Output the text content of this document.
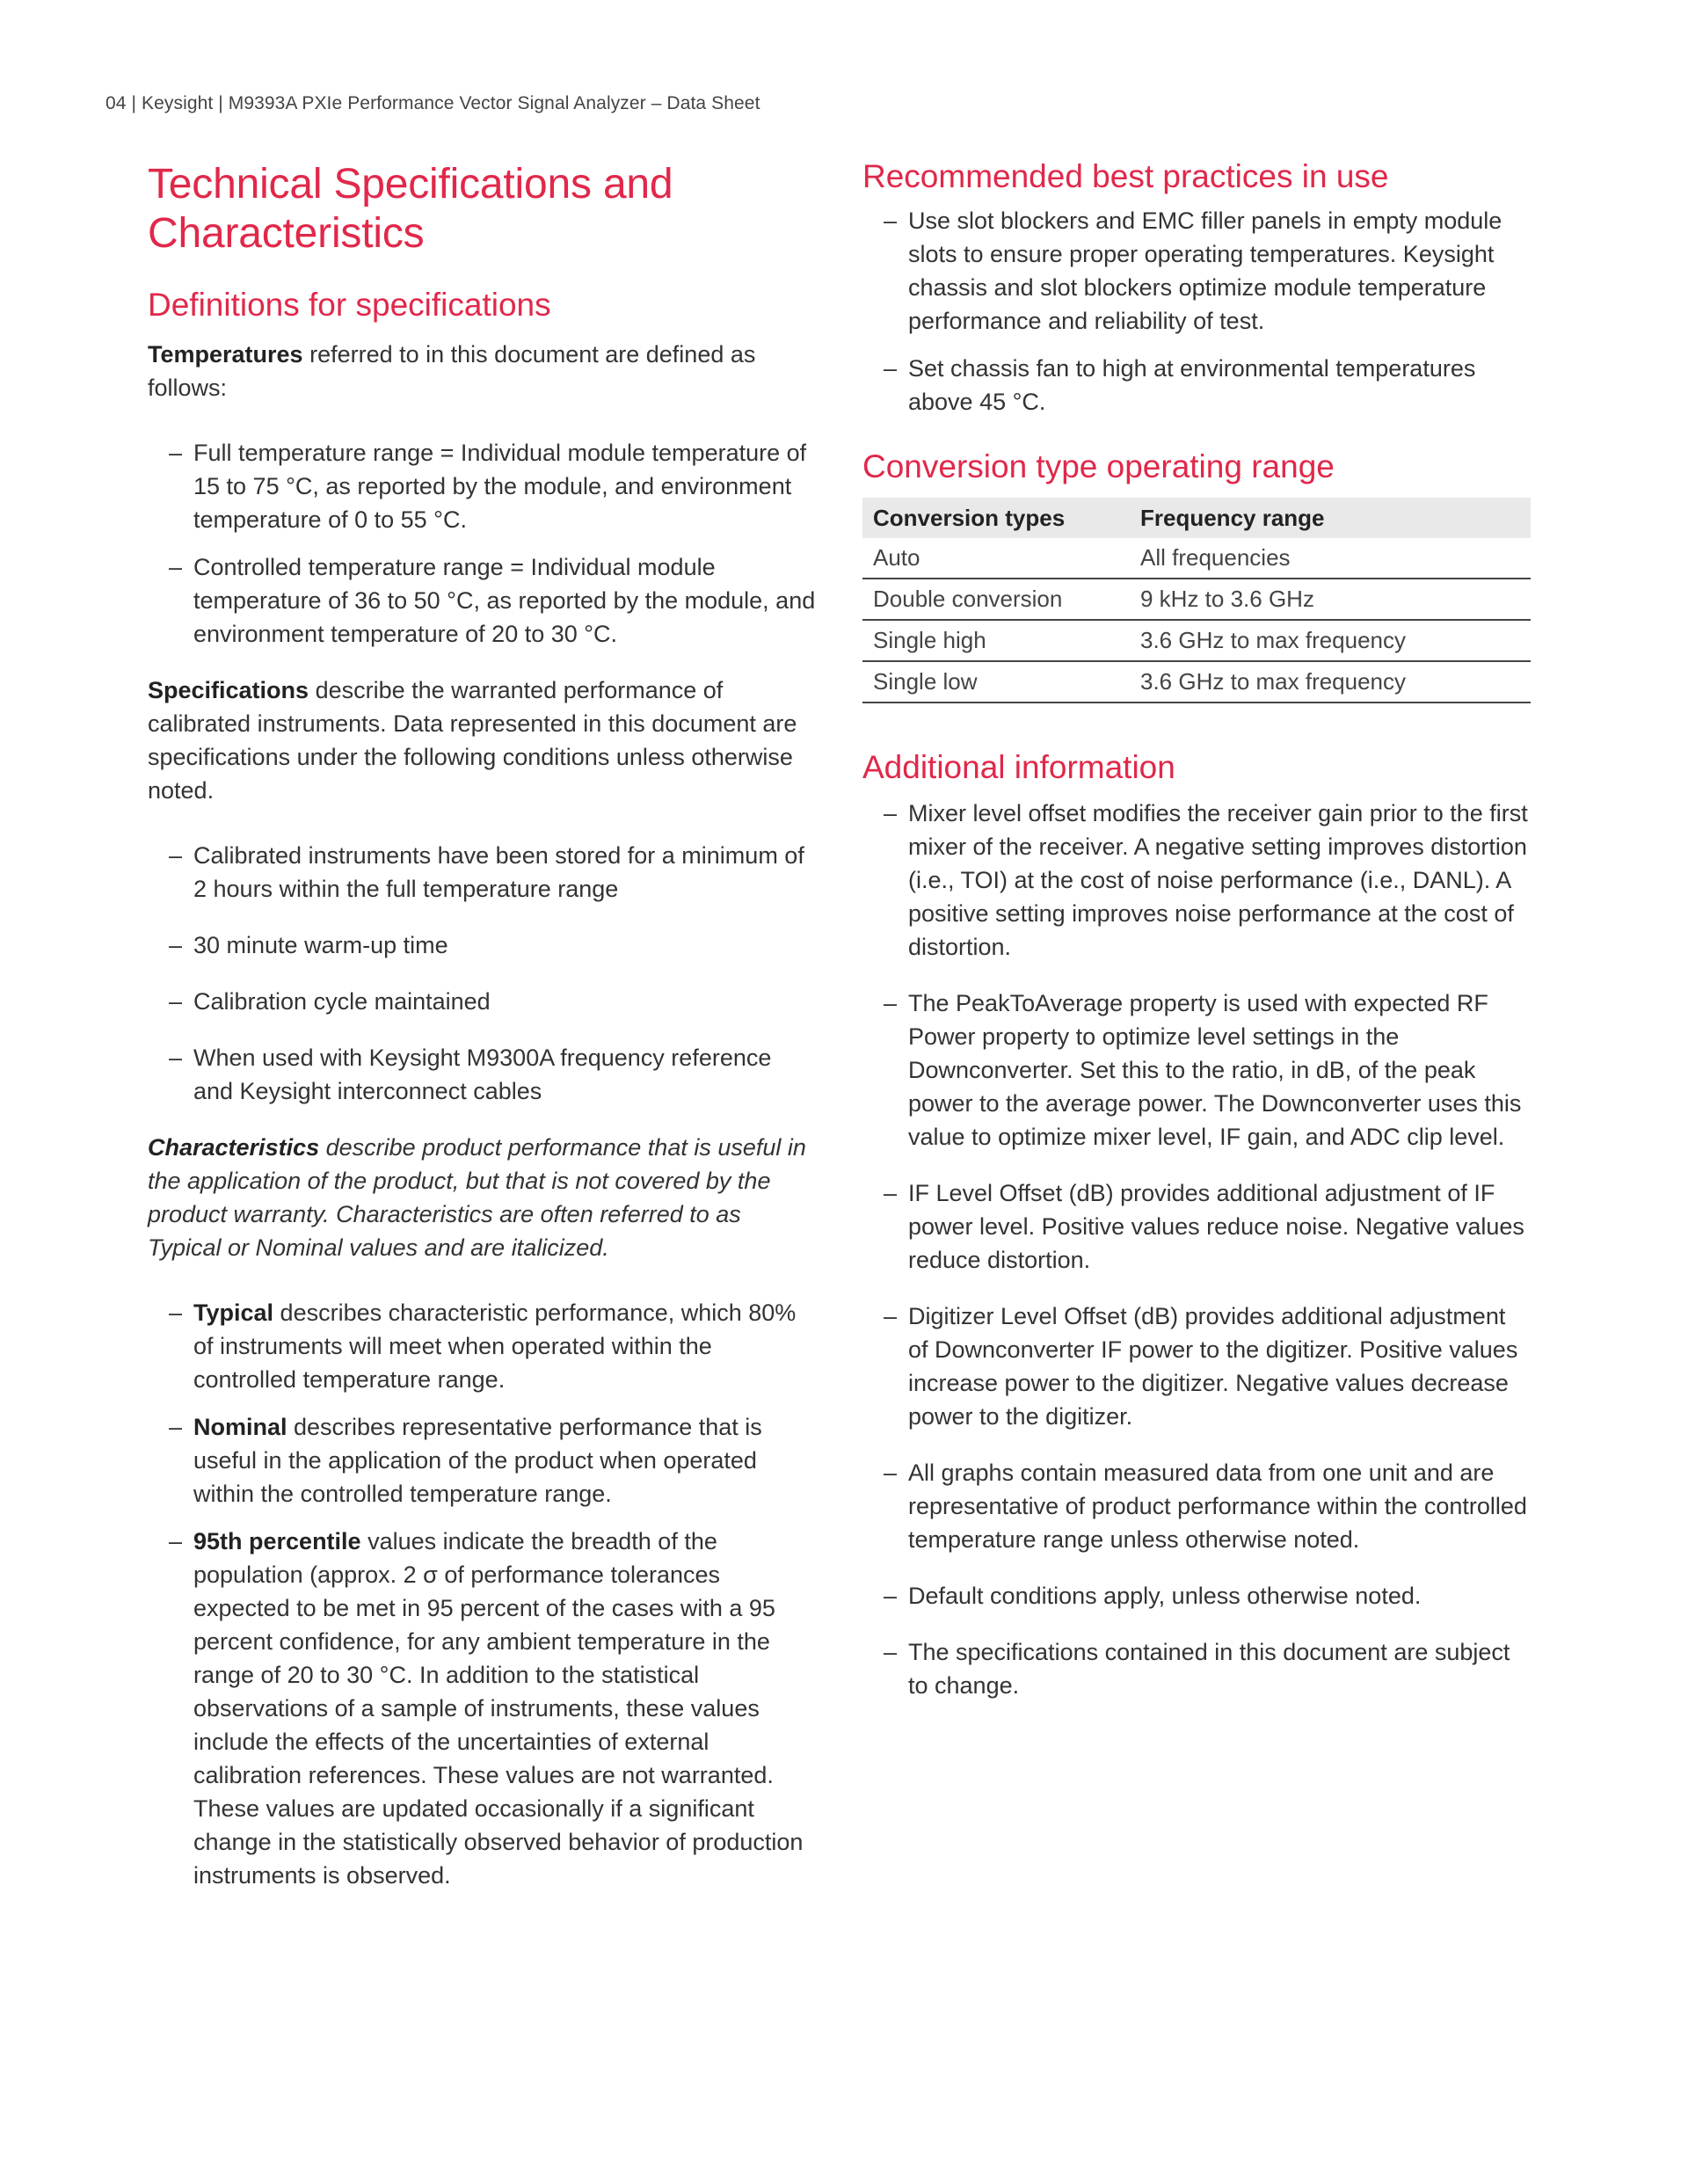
04 | Keysight | M9393A PXIe Performance Vector Signal Analyzer – Data Sheet
Technical Specifications and
Characteristics
Definitions for specifications

Temperatures referred to in this document are defined as follows:

– Full temperature range = Individual module temperature of 15 to 75 °C, as reported by the module, and environment temperature of 0 to 55 °C.
– Controlled temperature range = Individual module temperature of 36 to 50 °C, as reported by the module, and environment temperature of 20 to 30 °C.

Specifications describe the warranted performance of calibrated instruments. Data represented in this document are specifications under the following conditions unless otherwise noted.

– Calibrated instruments have been stored for a minimum of 2 hours within the full temperature range
– 30 minute warm-up time
– Calibration cycle maintained
– When used with Keysight M9300A frequency reference and Keysight interconnect cables

Characteristics describe product performance that is useful in the application of the product, but that is not covered by the product warranty. Characteristics are often referred to as Typical or Nominal values and are italicized.

– Typical describes characteristic performance, which 80% of instruments will meet when operated within the controlled temperature range.
– Nominal describes representative performance that is useful in the application of the product when operated within the controlled temperature range.
– 95th percentile values indicate the breadth of the population (approx. 2 σ of performance tolerances expected to be met in 95 percent of the cases with a 95 percent confidence, for any ambient temperature in the range of 20 to 30 °C. In addition to the statistical observations of a sample of instruments, these values include the effects of the uncertainties of external calibration references. These values are not warranted. These values are updated occasionally if a significant change in the statistically observed behavior of production instruments is observed.
Recommended best practices in use
– Use slot blockers and EMC filler panels in empty module slots to ensure proper operating temperatures. Keysight chassis and slot blockers optimize module temperature performance and reliability of test.
– Set chassis fan to high at environmental temperatures above 45 °C.
Conversion type operating range
Conversion types	Frequency range
Auto	All frequencies
Double conversion	9 kHz to 3.6 GHz
Single high	3.6 GHz to max frequency
Single low	3.6 GHz to max frequency
Additional information
– Mixer level offset modifies the receiver gain prior to the first mixer of the receiver. A negative setting improves distortion (i.e., TOI) at the cost of noise performance (i.e., DANL). A positive setting improves noise performance at the cost of distortion.
– The PeakToAverage property is used with expected RF Power property to optimize level settings in the Downconverter. Set this to the ratio, in dB, of the peak power to the average power. The Downconverter uses this value to optimize mixer level, IF gain, and ADC clip level.
– IF Level Offset (dB) provides additional adjustment of IF power level. Positive values reduce noise. Negative values reduce distortion.
– Digitizer Level Offset (dB) provides additional adjustment of Downconverter IF power to the digitizer. Positive values increase power to the digitizer. Negative values decrease power to the digitizer.
– All graphs contain measured data from one unit and are representative of product performance within the controlled temperature range unless otherwise noted.
– Default conditions apply, unless otherwise noted.
– The specifications contained in this document are subject to change.
